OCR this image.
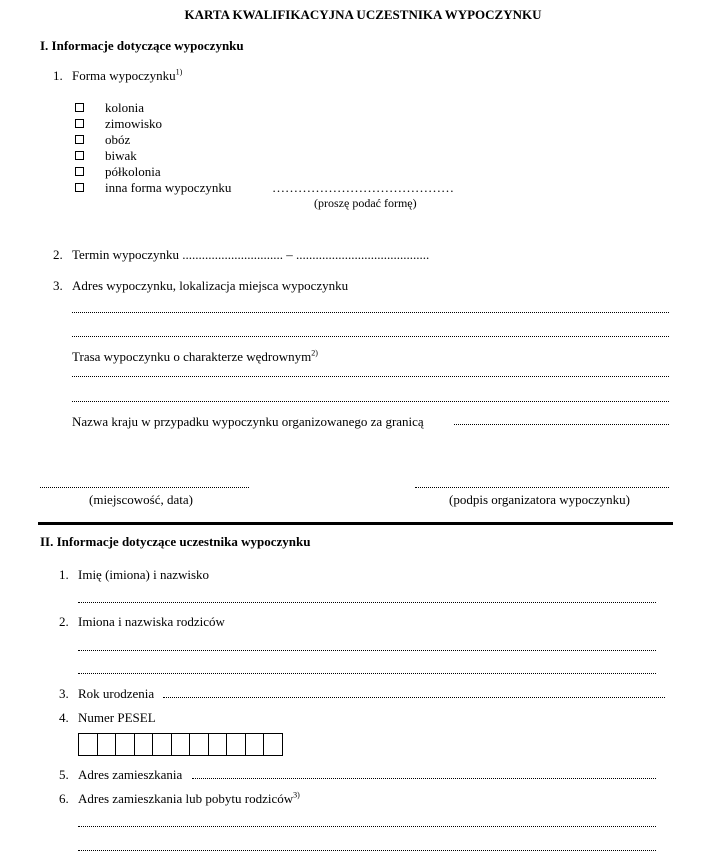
KARTA KWALIFIKACYJNA UCZESTNIKA WYPOCZYNKU
I. Informacje dotyczące wypoczynku
1. Forma wypoczynku$^{1)}$
kolonia
zimowisko
obóz
biwak
półkolonia
inna forma wypoczynku	……………………………………
(proszę podać formę)
2. Termin wypoczynku ............................... – .........................................
3. Adres wypoczynku, lokalizacja miejsca wypoczynku
Trasa wypoczynku o charakterze wędrownym$^{2)}$
Nazwa kraju w przypadku wypoczynku organizowanego za granicą
(miejscowość, data)	(podpis organizatora wypoczynku)
II. Informacje dotyczące uczestnika wypoczynku
1. Imię (imiona) i nazwisko
2. Imiona i nazwiska rodziców
3. Rok urodzenia
4. Numer PESEL
5. Adres zamieszkania
6. Adres zamieszkania lub pobytu rodziców$^{3)}$
